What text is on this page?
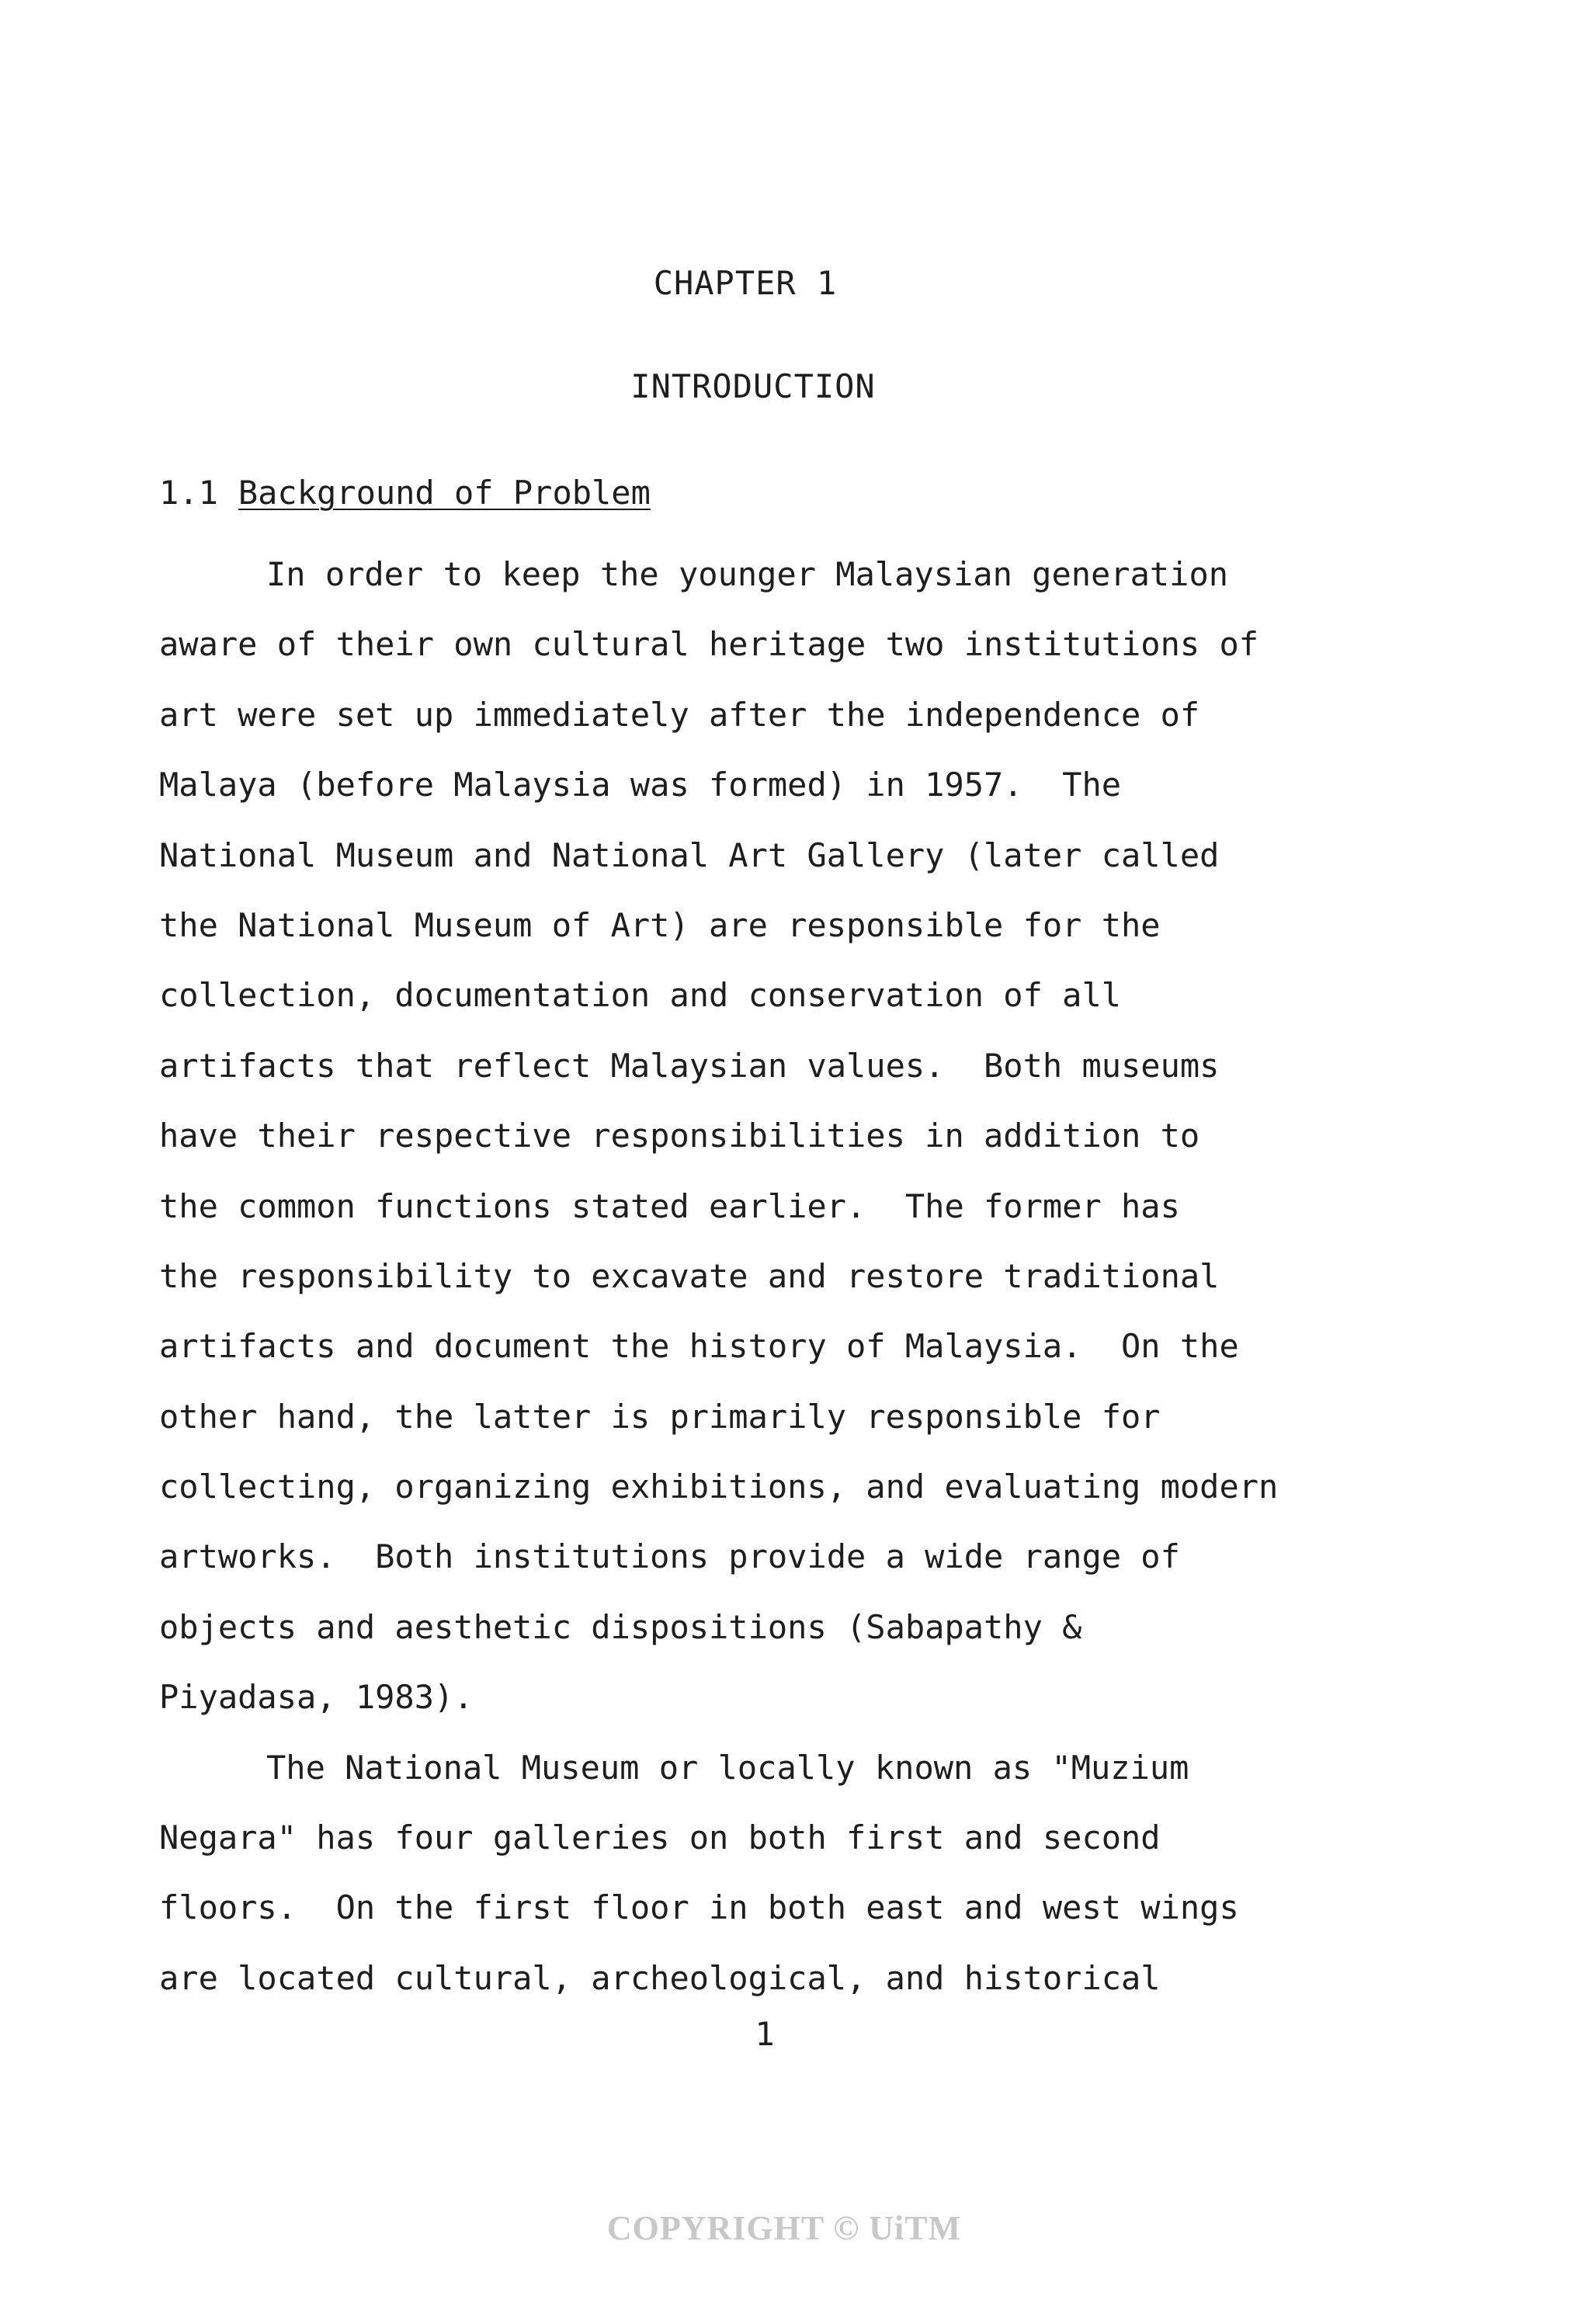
CHAPTER 1
INTRODUCTION
1.1 Background of Problem
In order to keep the younger Malaysian generation
aware of their own cultural heritage two institutions of
art were set up immediately after the independence of
Malaya (before Malaysia was formed) in 1957.  The
National Museum and National Art Gallery (later called
the National Museum of Art) are responsible for the
collection, documentation and conservation of all
artifacts that reflect Malaysian values.  Both museums
have their respective responsibilities in addition to
the common functions stated earlier.  The former has
the responsibility to excavate and restore traditional
artifacts and document the history of Malaysia.  On the
other hand, the latter is primarily responsible for
collecting, organizing exhibitions, and evaluating modern
artworks.  Both institutions provide a wide range of
objects and aesthetic dispositions (Sabapathy &
Piyadasa, 1983).
The National Museum or locally known as "Muzium
Negara" has four galleries on both first and second
floors.  On the first floor in both east and west wings
are located cultural, archeological, and historical
1
COPYRIGHT © UiTM
